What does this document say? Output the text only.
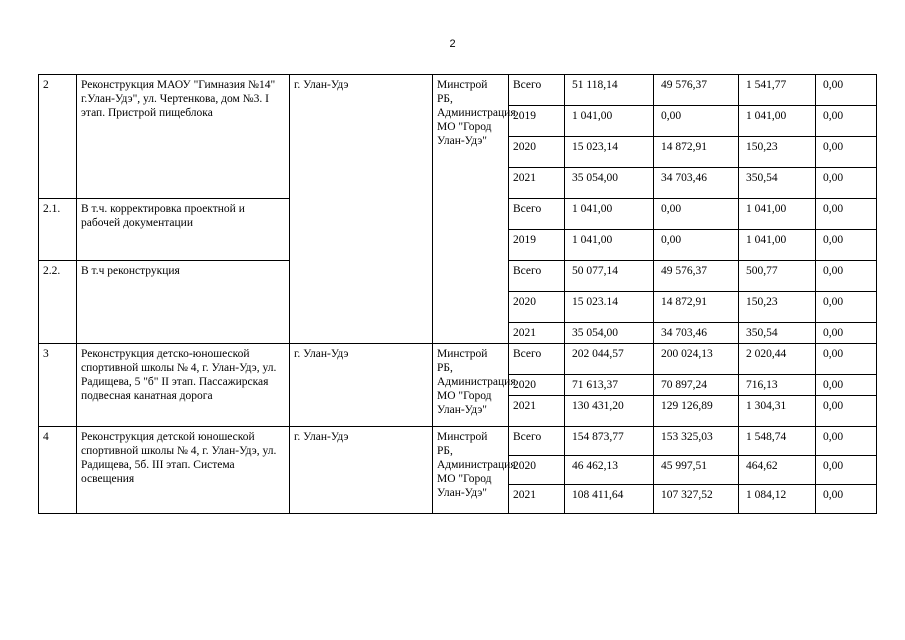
2
2	Реконструкция МАОУ "Гимназия №14" г.Улан-Удэ", ул. Чертенкова, дом №3. I этап. Пристрой пищеблока	г. Улан-Удэ	Минстрой РБ, Администрация МО "Город Улан-Удэ"	Всего	51 118,14	49 576,37	1 541,77	0,00
				2019	1 041,00	0,00	1 041,00	0,00
				2020	15 023,14	14 872,91	150,23	0,00
				2021	35 054,00	34 703,46	350,54	0,00
2.1.	В т.ч. корректировка проектной и рабочей документации			Всего	1 041,00	0,00	1 041,00	0,00
				2019	1 041,00	0,00	1 041,00	0,00
2.2.	В т.ч реконструкция			Всего	50 077,14	49 576,37	500,77	0,00
				2020	15 023.14	14 872,91	150,23	0,00
				2021	35 054,00	34 703,46	350,54	0,00
3	Реконструкция детско-юношеской спортивной школы № 4, г. Улан-Удэ, ул. Радищева, 5 "б" II этап. Пассажирская подвесная канатная дорога	г. Улан-Удэ	Минстрой РБ, Администрация МО "Город Улан-Удэ"	Всего	202 044,57	200 024,13	2 020,44	0,00
				2020	71 613,37	70 897,24	716,13	0,00
				2021	130 431,20	129 126,89	1 304,31	0,00
4	Реконструкция детской юношеской спортивной школы № 4, г. Улан-Удэ, ул. Радищева, 5б. III этап. Система освещения	г. Улан-Удэ	Минстрой РБ, Администрация МО "Город Улан-Удэ"	Всего	154 873,77	153 325,03	1 548,74	0,00
				2020	46 462,13	45 997,51	464,62	0,00
				2021	108 411,64	107 327,52	1 084,12	0,00
